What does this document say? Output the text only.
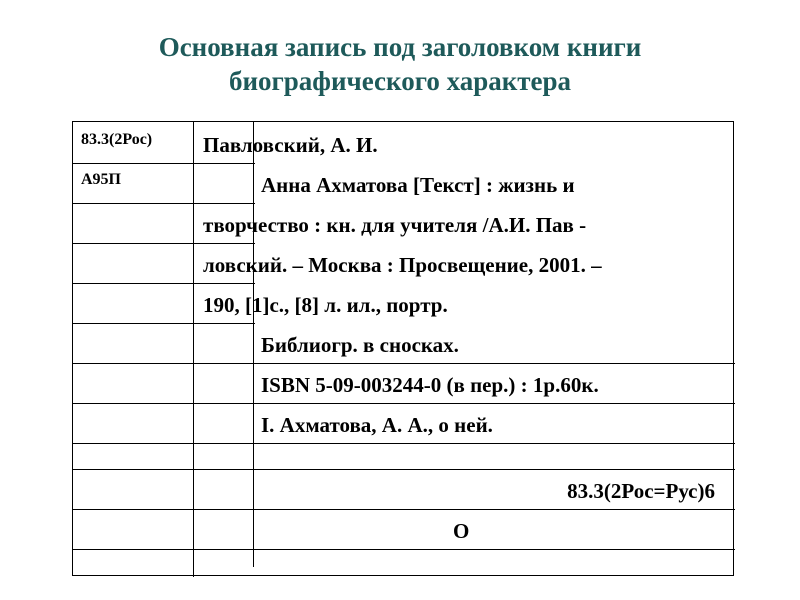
Основная запись под заголовком книги
биографического характера
83.3(2Рос)
А95П
Павловский, А. И.
Анна Ахматова [Текст] : жизнь и
творчество : кн. для учителя /А.И. Пав -
ловский. – Москва : Просвещение, 2001. –
190, [1]с., [8] л. ил., портр.
Библиогр. в сносках.
ISBN 5-09-003244-0 (в пер.) : 1р.60к.
I. Ахматова, А. А., о ней.
83.3(2Рос=Рус)6
О
